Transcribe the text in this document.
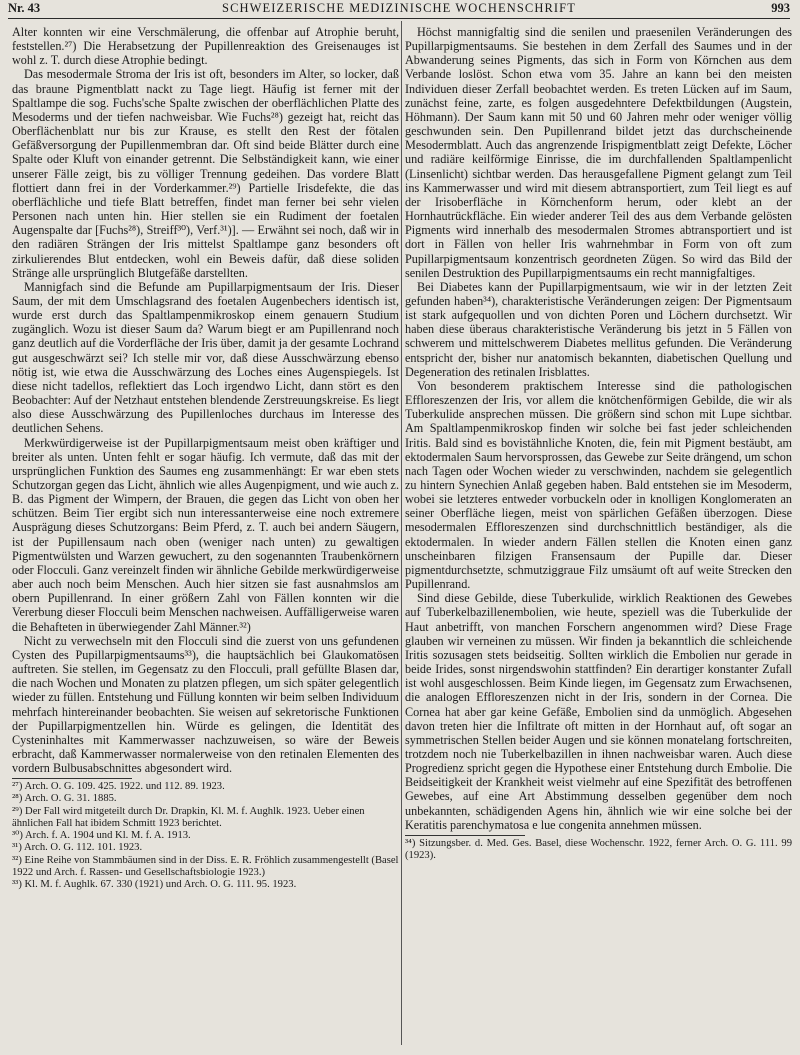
Nr. 43	SCHWEIZERISCHE MEDIZINISCHE WOCHENSCHRIFT	993

Alter konnten wir eine Verschmälerung, die offenbar auf Atrophie beruht, feststellen.²⁷) Die Herabsetzung der Pupillenreaktion des Greisenauges ist wohl z. T. durch diese Atrophie bedingt.

Das mesodermale Stroma der Iris ist oft, besonders im Alter, so locker, daß das braune Pigmentblatt nackt zu Tage liegt. Häufig ist ferner mit der Spaltlampe die sog. Fuchs'sche Spalte zwischen der oberflächlichen Platte des Mesoderms und der tiefen nachweisbar. Wie Fuchs²⁸) gezeigt hat, reicht das Oberflächenblatt nur bis zur Krause, es stellt den Rest der fötalen Gefäßversorgung der Pupillenmembran dar. Oft sind beide Blätter durch eine Spalte oder Kluft von einander getrennt. Die Selbständigkeit kann, wie einer unserer Fälle zeigt, bis zu völliger Trennung gedeihen. Das vordere Blatt flottiert dann frei in der Vorderkammer.²⁹) Partielle Irisdefekte, die das oberflächliche und tiefe Blatt betreffen, findet man ferner bei sehr vielen Personen nach unten hin. Hier stellen sie ein Rudiment der foetalen Augenspalte dar [Fuchs²⁸), Streiff³⁰), Verf.³¹)]. — Erwähnt sei noch, daß wir in den radiären Strängen der Iris mittelst Spaltlampe ganz besonders oft zirkulierendes Blut entdecken, wohl ein Beweis dafür, daß diese soliden Stränge alle ursprünglich Blutgefäße darstellten.

Mannigfach sind die Befunde am Pupillarpigmentsaum der Iris. Dieser Saum, der mit dem Umschlagsrand des foetalen Augenbechers identisch ist, wurde erst durch das Spaltlampenmikroskop einem genauern Studium zugänglich. Wozu ist dieser Saum da? Warum biegt er am Pupillenrand noch ganz deutlich auf die Vorderfläche der Iris über, damit ja der gesamte Lochrand gut ausgeschwärzt sei? Ich stelle mir vor, daß diese Ausschwärzung ebenso nötig ist, wie etwa die Ausschwärzung des Loches eines Augenspiegels. Ist diese nicht tadellos, reflektiert das Loch irgendwo Licht, dann stört es den Beobachter: Auf der Netzhaut entstehen blendende Zerstreuungskreise. Es liegt also diese Ausschwärzung des Pupillenloches durchaus im Interesse des deutlichen Sehens.

Merkwürdigerweise ist der Pupillarpigmentsaum meist oben kräftiger und breiter als unten. Unten fehlt er sogar häufig. Ich vermute, daß das mit der ursprünglichen Funktion des Saumes eng zusammenhängt: Er war eben stets Schutzorgan gegen das Licht, ähnlich wie alles Augenpigment, und wie auch z. B. das Pigment der Wimpern, der Brauen, die gegen das Licht von oben her schützen. Beim Tier ergibt sich nun interessanterweise eine noch extremere Ausprägung dieses Schutzorgans: Beim Pferd, z. T. auch bei andern Säugern, ist der Pupillensaum nach oben (weniger nach unten) zu gewaltigen Pigmentwülsten und Warzen gewuchert, zu den sogenannten Traubenkörnern oder Flocculi. Ganz vereinzelt finden wir ähnliche Gebilde merkwürdigerweise aber auch noch beim Menschen. Auch hier sitzen sie fast ausnahmslos am obern Pupillenrand. In einer größern Zahl von Fällen konnten wir die Vererbung dieser Flocculi beim Menschen nachweisen. Auffälligerweise waren die Behafteten in überwiegender Zahl Männer.³²)

Nicht zu verwechseln mit den Flocculi sind die zuerst von uns gefundenen Cysten des Pupillarpigmentsaums³³), die hauptsächlich bei Glaukomatösen auftreten. Sie stellen, im Gegensatz zu den Flocculi, prall gefüllte Blasen dar, die nach Wochen und Monaten zu platzen pflegen, um sich später gelegentlich wieder zu füllen. Entstehung und Füllung konnten wir beim selben Individuum mehrfach hintereinander beobachten. Sie weisen auf sekretorische Funktionen der Pupillarpigmentzellen hin. Würde es gelingen, die Identität des Cysteninhaltes mit Kammerwasser nachzuweisen, so wäre der Beweis erbracht, daß Kammerwasser normalerweise von den retinalen Elementen des vordern Bulbusabschnittes abgesondert wird.

²⁷) Arch. O. G. 109. 425. 1922. und 112. 89. 1923.
²⁸) Arch. O. G. 31. 1885.
²⁹) Der Fall wird mitgeteilt durch Dr. Drapkin, Kl. M. f. Aughlk. 1923. Ueber einen ähnlichen Fall hat ibidem Schmitt 1923 berichtet.
³⁰) Arch. f. A. 1904 und Kl. M. f. A. 1913.
³¹) Arch. O. G. 112. 101. 1923.
³²) Eine Reihe von Stammbäumen sind in der Diss. E. R. Fröhlich zusammengestellt (Basel 1922 und Arch. f. Rassen- und Gesellschaftsbiologie 1923.)
³³) Kl. M. f. Aughlk. 67. 330 (1921) und Arch. O. G. 111. 95. 1923.

Höchst mannigfaltig sind die senilen und praesenilen Veränderungen des Pupillarpigmentsaums. Sie bestehen in dem Zerfall des Saumes und in der Abwanderung seines Pigments, das sich in Form von Körnchen aus dem Verbande loslöst. Schon etwa vom 35. Jahre an kann bei den meisten Individuen dieser Zerfall beobachtet werden. Es treten Lücken auf im Saum, zunächst feine, zarte, es folgen ausgedehntere Defektbildungen (Augstein, Höhmann). Der Saum kann mit 50 und 60 Jahren mehr oder weniger völlig geschwunden sein. Den Pupillenrand bildet jetzt das durchscheinende Mesodermblatt. Auch das angrenzende Irispigmentblatt zeigt Defekte, Löcher und radiäre keilförmige Einrisse, die im durchfallenden Spaltlampenlicht (Linsenlicht) sichtbar werden. Das herausgefallene Pigment gelangt zum Teil ins Kammerwasser und wird mit diesem abtransportiert, zum Teil liegt es auf der Irisoberfläche in Körnchenform herum, oder klebt an der Hornhautrückfläche. Ein wieder anderer Teil des aus dem Verbande gelösten Pigments wird innerhalb des mesodermalen Stromes abtransportiert und ist dort in Fällen von heller Iris wahrnehmbar in Form von oft zum Pupillarpigmentsaum konzentrisch geordneten Zügen. So wird das Bild der senilen Destruktion des Pupillarpigmentsaums ein recht mannigfaltiges.

Bei Diabetes kann der Pupillarpigmentsaum, wie wir in der letzten Zeit gefunden haben³⁴), charakteristische Veränderungen zeigen: Der Pigmentsaum ist stark aufgequollen und von dichten Poren und Löchern durchsetzt. Wir haben diese überaus charakteristische Veränderung bis jetzt in 5 Fällen von schwerem und mittelschwerem Diabetes mellitus gefunden. Die Veränderung entspricht der, bisher nur anatomisch bekannten, diabetischen Quellung und Degeneration des retinalen Irisblattes.

Von besonderem praktischem Interesse sind die pathologischen Effloreszenzen der Iris, vor allem die knötchenförmigen Gebilde, die wir als Tuberkulide ansprechen müssen. Die größern sind schon mit Lupe sichtbar. Am Spaltlampenmikroskop finden wir solche bei fast jeder schleichenden Iritis. Bald sind es bovistähnliche Knoten, die, fein mit Pigment bestäubt, am ektodermalen Saum hervorsprossen, das Gewebe zur Seite drängend, um schon nach Tagen oder Wochen wieder zu verschwinden, nachdem sie gelegentlich zu hintern Synechien Anlaß gegeben haben. Bald entstehen sie im Mesoderm, wobei sie letzteres entweder vorbuckeln oder in knolligen Konglomeraten an seiner Oberfläche liegen, meist von spärlichen Gefäßen überzogen. Diese mesodermalen Effloreszenzen sind durchschnittlich beständiger, als die ektodermalen. In wieder andern Fällen stellen die Knoten einen ganz unscheinbaren filzigen Fransensaum der Pupille dar. Dieser pigmentdurchsetzte, schmutziggraue Filz umsäumt oft auf weite Strecken den Pupillenrand.

Sind diese Gebilde, diese Tuberkulide, wirklich Reaktionen des Gewebes auf Tuberkelbazillenembolien, wie heute, speziell was die Tuberkulide der Haut anbetrifft, von manchen Forschern angenommen wird? Diese Frage glauben wir verneinen zu müssen. Wir finden ja bekanntlich die schleichende Iritis sozusagen stets beidseitig. Sollten wirklich die Embolien nur gerade in beide Irides, sonst nirgendswohin stattfinden? Ein derartiger konstanter Zufall ist wohl ausgeschlossen. Beim Kinde liegen, im Gegensatz zum Erwachsenen, die analogen Effloreszenzen nicht in der Iris, sondern in der Cornea. Die Cornea hat aber gar keine Gefäße, Embolien sind da unmöglich. Abgesehen davon treten hier die Infiltrate oft mitten in der Hornhaut auf, oft sogar an symmetrischen Stellen beider Augen und sie können monatelang fortschreiten, trotzdem noch nie Tuberkelbazillen in ihnen nachweisbar waren. Auch diese Progredienz spricht gegen die Hypothese einer Entstehung durch Embolie. Die Beidseitigkeit der Krankheit weist vielmehr auf eine Spezifität des betroffenen Gewebes, auf eine Art Abstimmung desselben gegenüber dem noch unbekannten, schädigenden Agens hin, ähnlich wie wir eine solche bei der Keratitis parenchymatosa e lue congenita annehmen müssen.

³⁴) Sitzungsber. d. Med. Ges. Basel, diese Wochenschr. 1922, ferner Arch. O. G. 111. 99 (1923).
